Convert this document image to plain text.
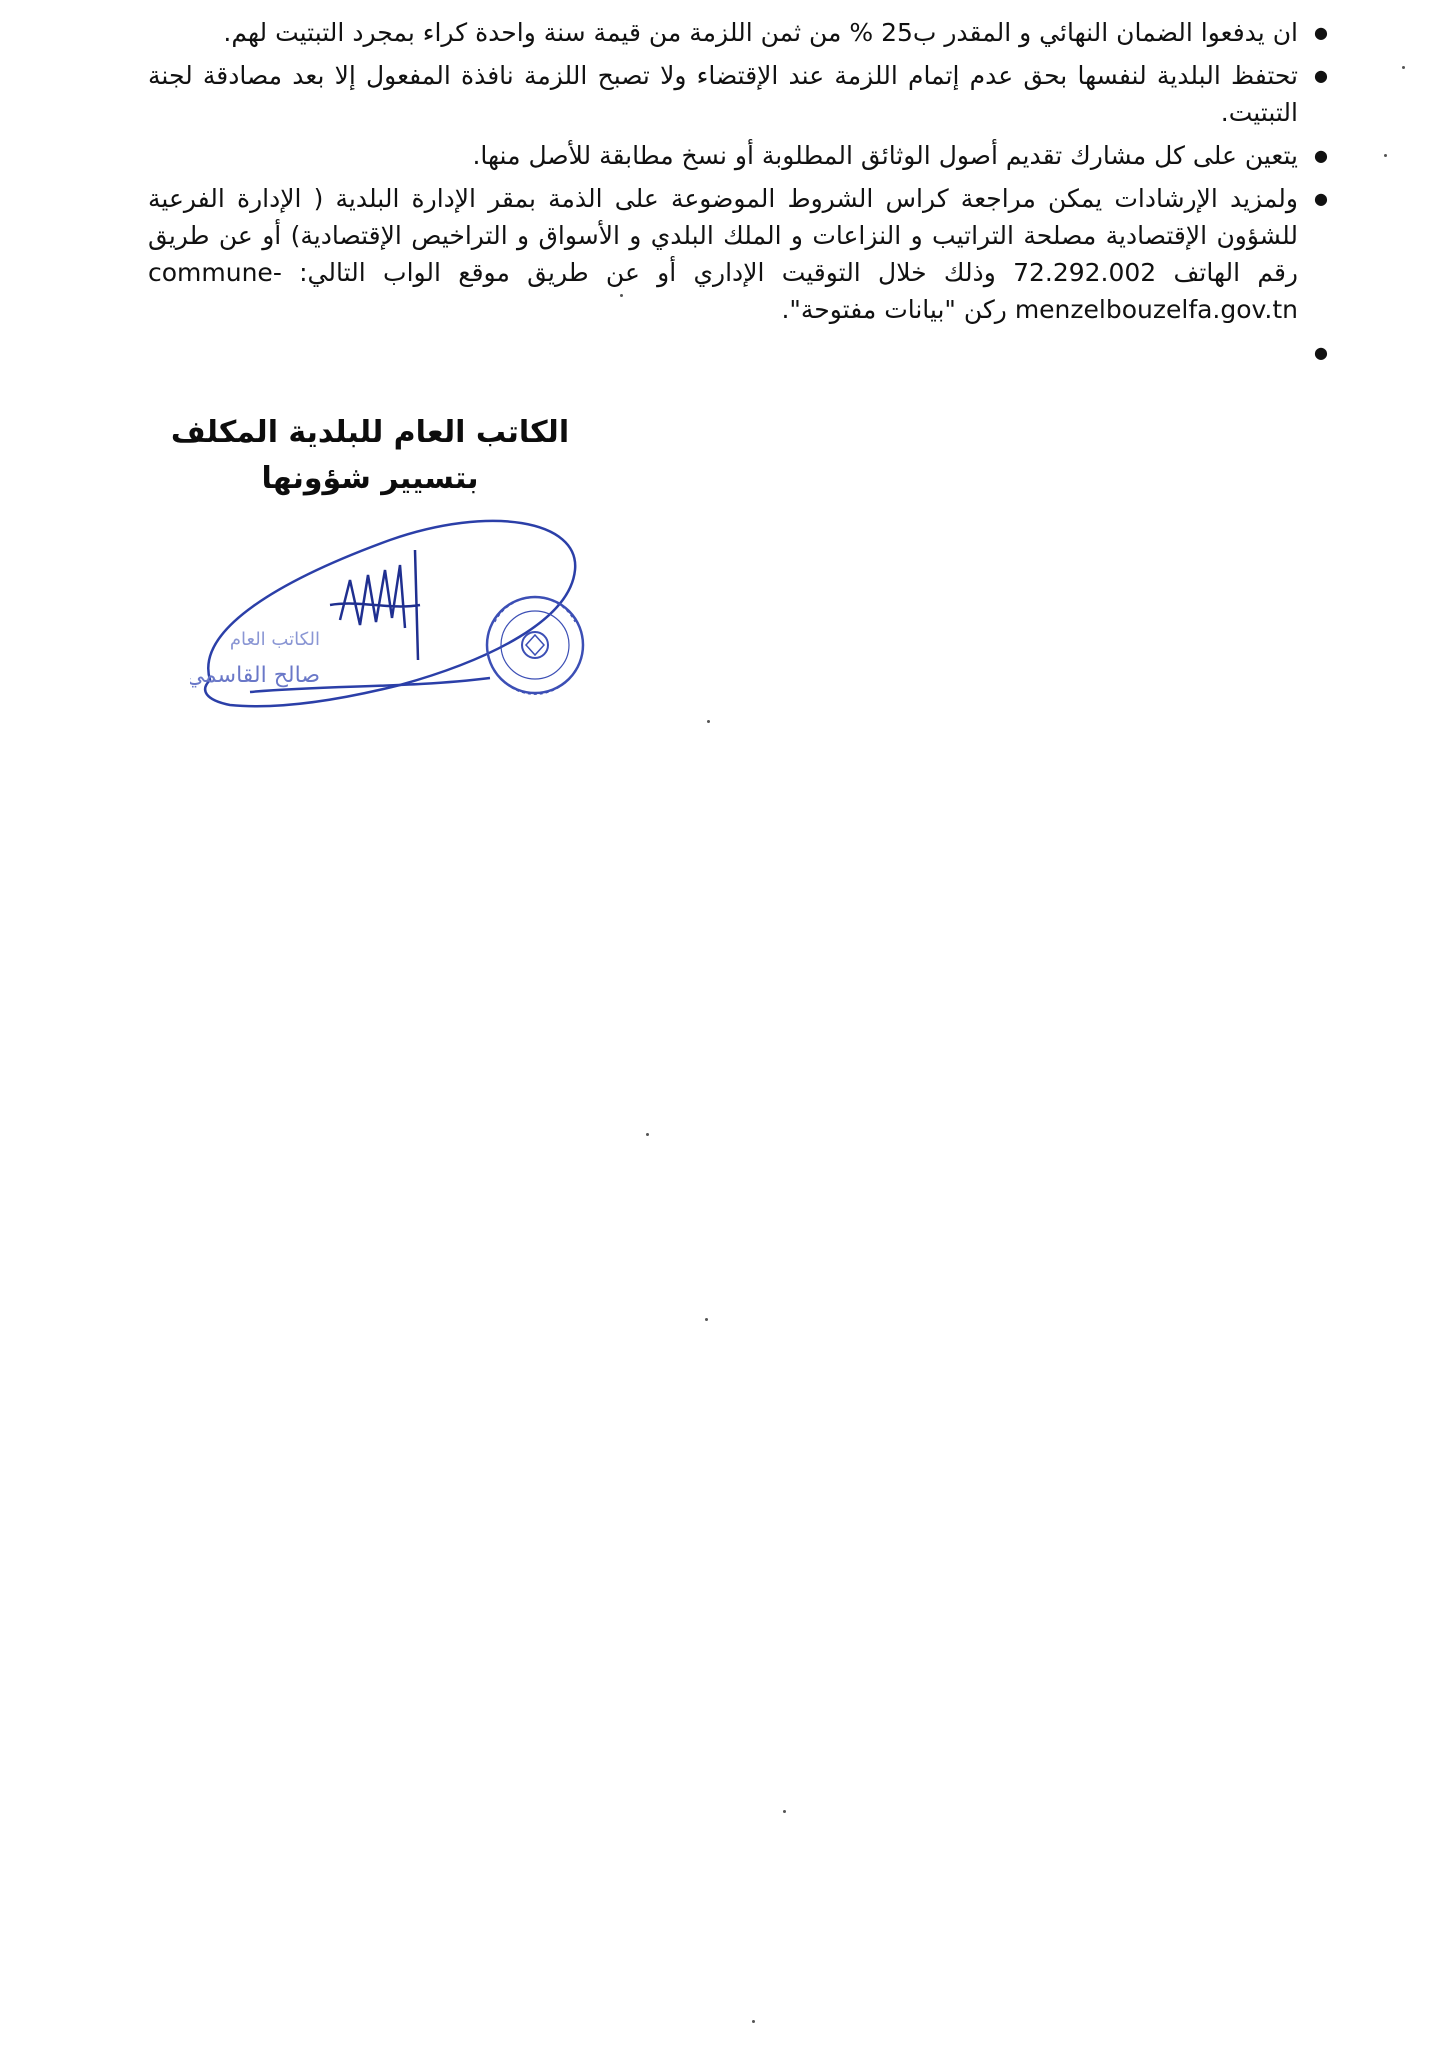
● ان يدفعوا الضمان النهائي و المقدر ب25 % من ثمن اللزمة من قيمة سنة واحدة كراء بمجرد التبتيت لهم.
● تحتفظ البلدية لنفسها بحق عدم إتمام اللزمة عند الإقتضاء ولا تصبح اللزمة نافذة المفعول إلا بعد مصادقة لجنة التبتيت.
● يتعين على كل مشارك تقديم أصول الوثائق المطلوبة أو نسخ مطابقة للأصل منها.
● ولمزيد الإرشادات يمكن مراجعة كراس الشروط الموضوعة على الذمة بمقر الإدارة البلدية ( الإدارة الفرعية للشؤون الإقتصادية مصلحة التراتيب و النزاعات و الملك البلدي و الأسواق و التراخيص الإقتصادية) أو عن طريق رقم الهاتف 72.292.002 وذلك خلال التوقيت الإداري أو عن طريق موقع الواب التالي: commune-menzelbouzelfa.gov.tn ركن "بيانات مفتوحة".
●
الكاتب العام للبلدية المكلف
بتسيير شؤونها
صالح القاسمي
الكاتب العام
